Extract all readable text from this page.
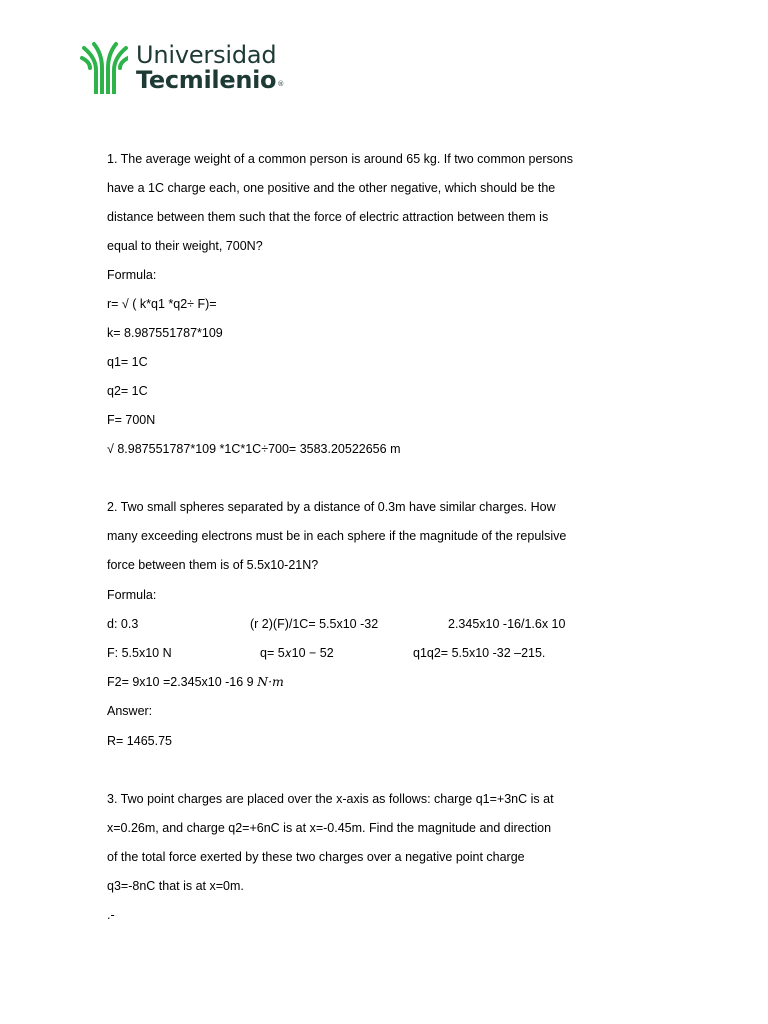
Universidad
Tecmilenio®
1. The average weight of a common person is around 65 kg. If two common persons
have a 1C charge each, one positive and the other negative, which should be the
distance between them such that the force of electric attraction between them is
equal to their weight, 700N?
Formula:
r= √ ( k*q1 *q2÷ F)=
k= 8.987551787*109
q1= 1C
q2= 1C
F= 700N
√ 8.987551787*109 *1C*1C÷700= 3583.20522656 m
2. Two small spheres separated by a distance of 0.3m have similar charges. How
many exceeding electrons must be in each sphere if the magnitude of the repulsive
force between them is of 5.5x10-21N?
Formula:
d: 0.3	(r 2)(F)/1C= 5.5x10 -32	2.345x10 -16/1.6x 10
F: 5.5x10 N	q= 5𝑥10 − 52	q1q2= 5.5x10 -32 –215.
F2= 9x10 =2.345x10 -16 9 N·m
Answer:
R= 1465.75
3. Two point charges are placed over the x-axis as follows: charge q1=+3nC is at
x=0.26m, and charge q2=+6nC is at x=-0.45m. Find the magnitude and direction
of the total force exerted by these two charges over a negative point charge
q3=-8nC that is at x=0m.
.-
